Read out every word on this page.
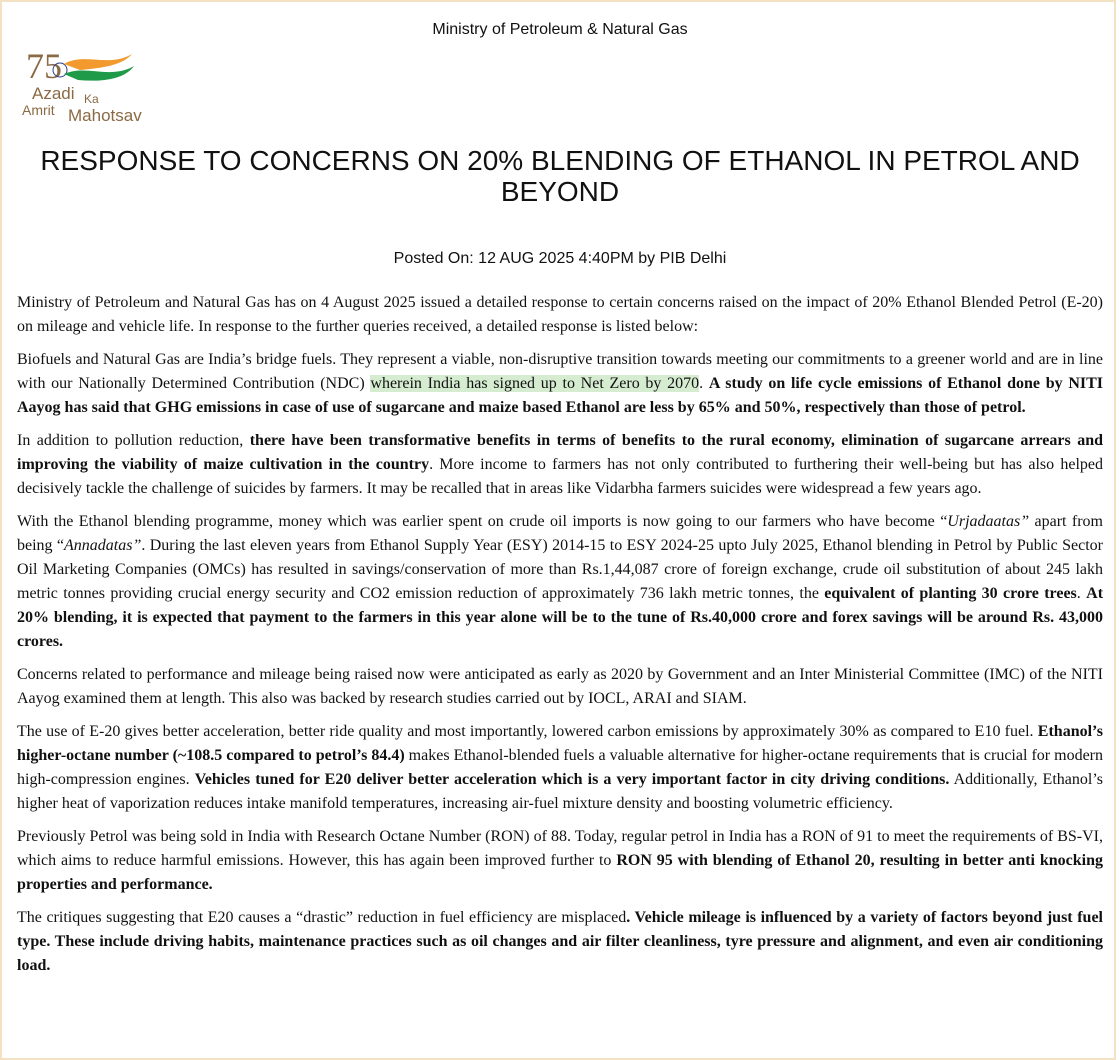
Ministry of Petroleum & Natural Gas
75
Azadi Ka
Amrit Mahotsav
RESPONSE TO CONCERNS ON 20% BLENDING OF ETHANOL IN PETROL AND BEYOND
Posted On: 12 AUG 2025 4:40PM by PIB Delhi

Ministry of Petroleum and Natural Gas has on 4 August 2025 issued a detailed response to certain concerns raised on the impact of 20% Ethanol Blended Petrol (E-20) on mileage and vehicle life. In response to the further queries received, a detailed response is listed below:

Biofuels and Natural Gas are India’s bridge fuels. They represent a viable, non-disruptive transition towards meeting our commitments to a greener world and are in line with our Nationally Determined Contribution (NDC) wherein India has signed up to Net Zero by 2070. A study on life cycle emissions of Ethanol done by NITI Aayog has said that GHG emissions in case of use of sugarcane and maize based Ethanol are less by 65% and 50%, respectively than those of petrol.

In addition to pollution reduction, there have been transformative benefits in terms of benefits to the rural economy, elimination of sugarcane arrears and improving the viability of maize cultivation in the country. More income to farmers has not only contributed to furthering their well-being but has also helped decisively tackle the challenge of suicides by farmers. It may be recalled that in areas like Vidarbha farmers suicides were widespread a few years ago.

With the Ethanol blending programme, money which was earlier spent on crude oil imports is now going to our farmers who have become “Urjadaatas” apart from being “Annadatas”. During the last eleven years from Ethanol Supply Year (ESY) 2014-15 to ESY 2024-25 upto July 2025, Ethanol blending in Petrol by Public Sector Oil Marketing Companies (OMCs) has resulted in savings/conservation of more than Rs.1,44,087 crore of foreign exchange, crude oil substitution of about 245 lakh metric tonnes providing crucial energy security and CO2 emission reduction of approximately 736 lakh metric tonnes, the equivalent of planting 30 crore trees. At 20% blending, it is expected that payment to the farmers in this year alone will be to the tune of Rs.40,000 crore and forex savings will be around Rs. 43,000 crores.

Concerns related to performance and mileage being raised now were anticipated as early as 2020 by Government and an Inter Ministerial Committee (IMC) of the NITI Aayog examined them at length. This also was backed by research studies carried out by IOCL, ARAI and SIAM.

The use of E-20 gives better acceleration, better ride quality and most importantly, lowered carbon emissions by approximately 30% as compared to E10 fuel. Ethanol’s higher-octane number (~108.5 compared to petrol’s 84.4) makes Ethanol-blended fuels a valuable alternative for higher-octane requirements that is crucial for modern high-compression engines. Vehicles tuned for E20 deliver better acceleration which is a very important factor in city driving conditions. Additionally, Ethanol’s higher heat of vaporization reduces intake manifold temperatures, increasing air-fuel mixture density and boosting volumetric efficiency.

Previously Petrol was being sold in India with Research Octane Number (RON) of 88. Today, regular petrol in India has a RON of 91 to meet the requirements of BS-VI, which aims to reduce harmful emissions. However, this has again been improved further to RON 95 with blending of Ethanol 20, resulting in better anti knocking properties and performance.

The critiques suggesting that E20 causes a “drastic” reduction in fuel efficiency are misplaced. Vehicle mileage is influenced by a variety of factors beyond just fuel type. These include driving habits, maintenance practices such as oil changes and air filter cleanliness, tyre pressure and alignment, and even air conditioning load.
